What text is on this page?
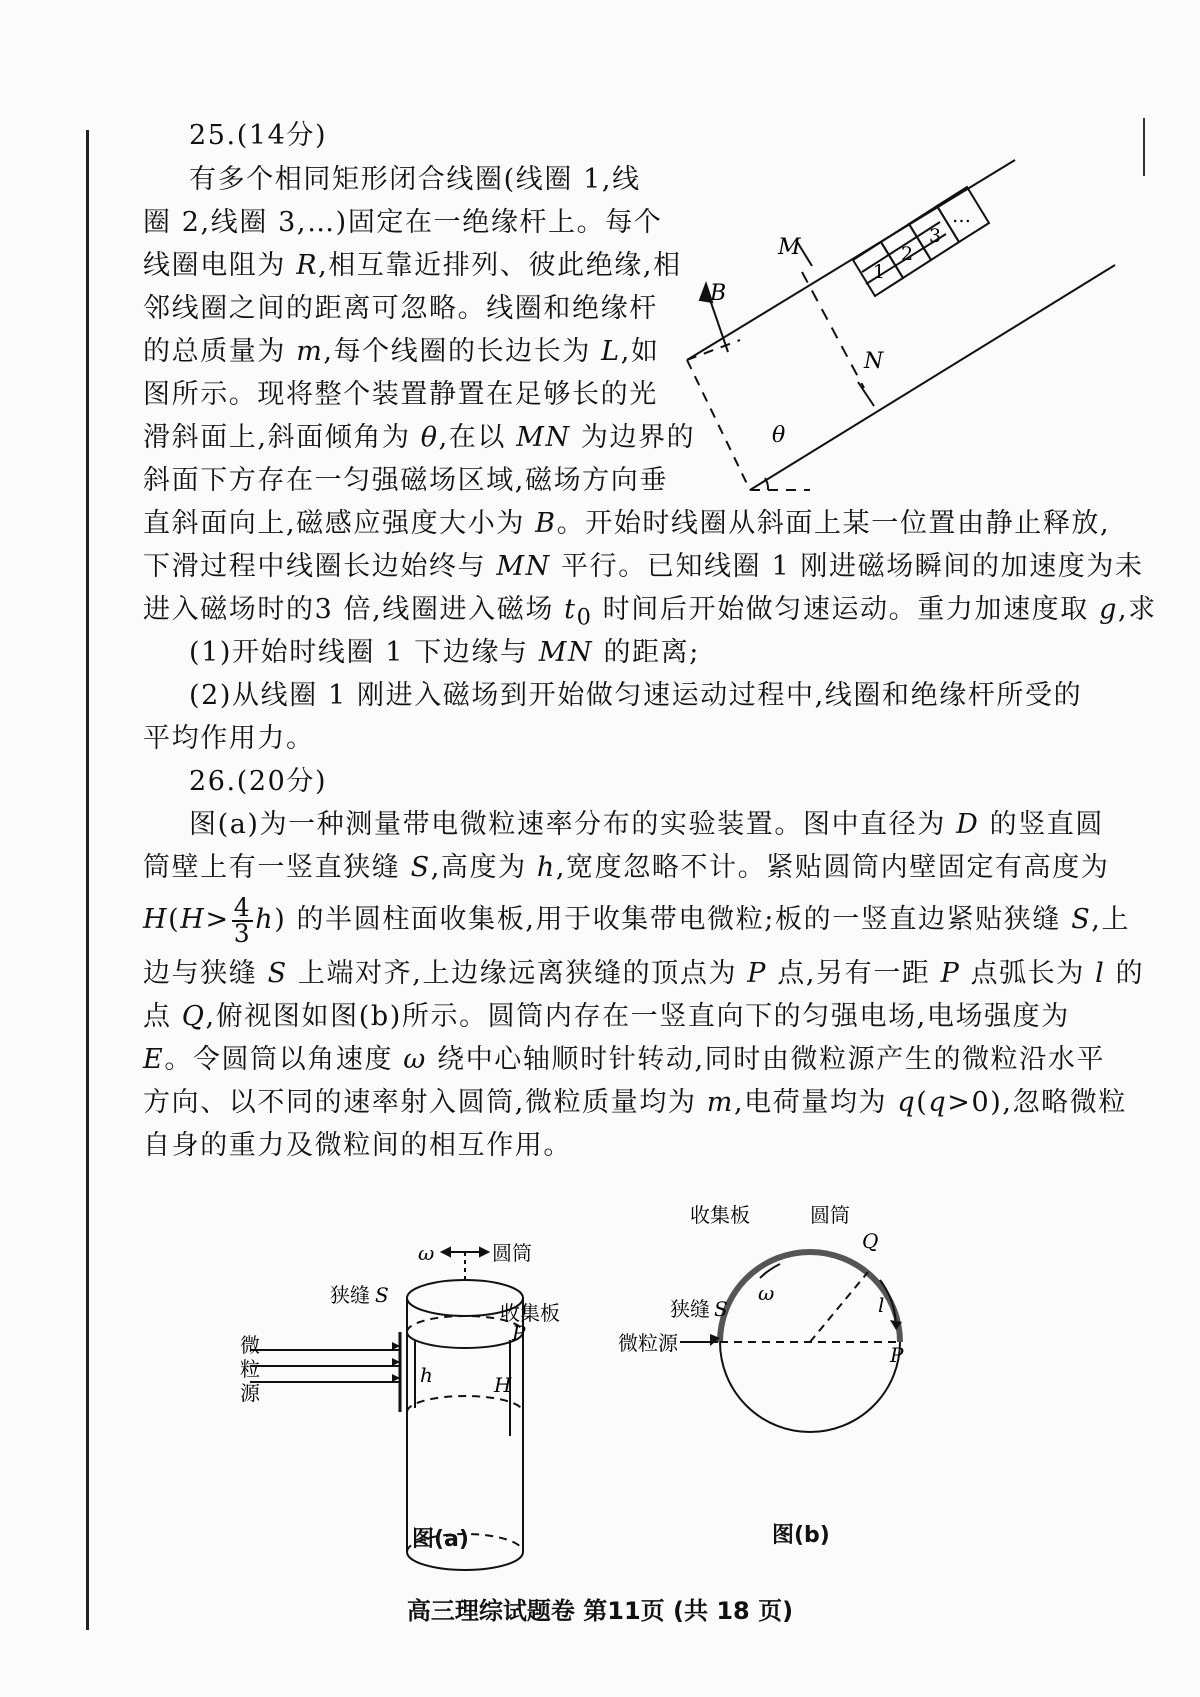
25.(14分)
有多个相同矩形闭合线圈(线圈 1,线
圈 2,线圈 3,…)固定在一绝缘杆上。每个
线圈电阻为 R,相互靠近排列、彼此绝缘,相
邻线圈之间的距离可忽略。线圈和绝缘杆
的总质量为 m,每个线圈的长边长为 L,如
图所示。现将整个装置静置在足够长的光
滑斜面上,斜面倾角为 θ,在以 MN 为边界的
斜面下方存在一匀强磁场区域,磁场方向垂
直斜面向上,磁感应强度大小为 B。开始时线圈从斜面上某一位置由静止释放,
下滑过程中线圈长边始终与 MN 平行。已知线圈 1 刚进磁场瞬间的加速度为未
进入磁场时的3 倍,线圈进入磁场 $t_0$ 时间后开始做匀速运动。重力加速度取 g,求
(1)开始时线圈 1 下边缘与 MN 的距离;
(2)从线圈 1 刚进入磁场到开始做匀速运动过程中,线圈和绝缘杆所受的
平均作用力。
B
M
N
θ
1
2
3
…
26.(20分)
图(a)为一种测量带电微粒速率分布的实验装置。图中直径为 D 的竖直圆
筒壁上有一竖直狭缝 S,高度为 h,宽度忽略不计。紧贴圆筒内壁固定有高度为
$H(H> \frac{4}{3} h)$ 的半圆柱面收集板,用于收集带电微粒;板的一竖直边紧贴狭缝 S,上
边与狭缝 S 上端对齐,上边缘远离狭缝的顶点为 P 点,另有一距 P 点弧长为 l 的
点 Q,俯视图如图(b)所示。圆筒内存在一竖直向下的匀强电场,电场强度为
E。令圆筒以角速度 ω 绕中心轴顺时针转动,同时由微粒源产生的微粒沿水平
方向、以不同的速率射入圆筒,微粒质量均为 m,电荷量均为 q(q>0),忽略微粒
自身的重力及微粒间的相互作用。
ω	圆筒
狭缝 S
收集板
P
h	H
微
粒
源
图(a)
收集板	圆筒
Q
ω	l
狭缝 S
微粒源	P
图(b)
高三理综试题卷 第11页 (共 18 页)
